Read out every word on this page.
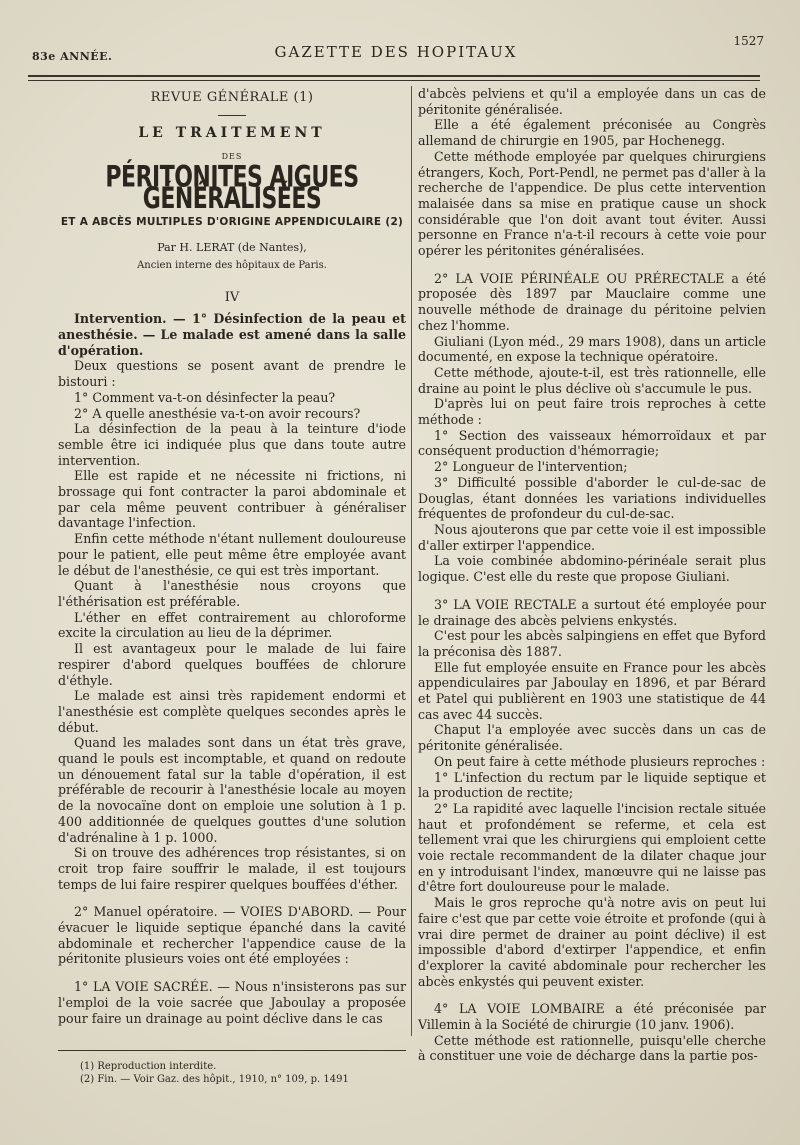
83e ANNÉE.	GAZETTE DES HOPITAUX
1527

REVUE GÉNÉRALE (1)

LE TRAITEMENT

DES

PÉRITONITES AIGUES GÉNÉRALISÉES

ET A ABCÈS MULTIPLES D'ORIGINE APPENDICULAIRE (2)

Par H. LERAT (de Nantes),

Ancien interne des hôpitaux de Paris.

IV

Intervention. — 1° Désinfection de la peau et anesthésie. — Le malade est amené dans la salle d'opération.

Deux questions se posent avant de prendre le bistouri :

1° Comment va-t-on désinfecter la peau?

2° A quelle anesthésie va-t-on avoir recours?

La désinfection de la peau à la teinture d'iode semble être ici indiquée plus que dans toute autre intervention.

Elle est rapide et ne nécessite ni frictions, ni brossage qui font contracter la paroi abdominale et par cela même peuvent contribuer à généraliser davantage l'infection.

Enfin cette méthode n'étant nullement douloureuse pour le patient, elle peut même être employée avant le début de l'anesthésie, ce qui est très important.

Quant à l'anesthésie nous croyons que l'éthérisation est préférable.

L'éther en effet contrairement au chloroforme excite la circulation au lieu de la déprimer.

Il est avantageux pour le malade de lui faire respirer d'abord quelques bouffées de chlorure d'éthyle.

Le malade est ainsi très rapidement endormi et l'anesthésie est complète quelques secondes après le début.

Quand les malades sont dans un état très grave, quand le pouls est incomptable, et quand on redoute un dénouement fatal sur la table d'opération, il est préférable de recourir à l'anesthésie locale au moyen de la novocaïne dont on emploie une solution à 1 p. 400 additionnée de quelques gouttes d'une solution d'adrénaline à 1 p. 1000.

Si on trouve des adhérences trop résistantes, si on croit trop faire souffrir le malade, il est toujours temps de lui faire respirer quelques bouffées d'éther.

2° Manuel opératoire. — VOIES D'ABORD. — Pour évacuer le liquide septique épanché dans la cavité abdominale et rechercher l'appendice cause de la péritonite plusieurs voies ont été employées :

1° LA VOIE SACRÉE. — Nous n'insisterons pas sur l'emploi de la voie sacrée que Jaboulay a proposée pour faire un drainage au point déclive dans le cas

d'abcès pelviens et qu'il a employée dans un cas de péritonite généralisée.

Elle a été également préconisée au Congrès allemand de chirurgie en 1905, par Hochenegg.

Cette méthode employée par quelques chirurgiens étrangers, Koch, Port-Pendl, ne permet pas d'aller à la recherche de l'appendice. De plus cette intervention malaisée dans sa mise en pratique cause un shock considérable que l'on doit avant tout éviter. Aussi personne en France n'a-t-il recours à cette voie pour opérer les péritonites généralisées.

2° LA VOIE PÉRINÉALE OU PRÉRECTALE a été proposée dès 1897 par Mauclaire comme une nouvelle méthode de drainage du péritoine pelvien chez l'homme.

Giuliani (Lyon méd., 29 mars 1908), dans un article documenté, en expose la technique opératoire.

Cette méthode, ajoute-t-il, est très rationnelle, elle draine au point le plus déclive où s'accumule le pus.

D'après lui on peut faire trois reproches à cette méthode :

1° Section des vaisseaux hémorroïdaux et par conséquent production d'hémorragie;

2° Longueur de l'intervention;

3° Difficulté possible d'aborder le cul-de-sac de Douglas, étant données les variations individuelles fréquentes de profondeur du cul-de-sac.

Nous ajouterons que par cette voie il est impossible d'aller extirper l'appendice.

La voie combinée abdomino-périnéale serait plus logique. C'est elle du reste que propose Giuliani.

3° LA VOIE RECTALE a surtout été employée pour le drainage des abcès pelviens enkystés.

C'est pour les abcès salpingiens en effet que Byford la préconisa dès 1887.

Elle fut employée ensuite en France pour les abcès appendiculaires par Jaboulay en 1896, et par Bérard et Patel qui publièrent en 1903 une statistique de 44 cas avec 44 succès.

Chaput l'a employée avec succès dans un cas de péritonite généralisée.

On peut faire à cette méthode plusieurs reproches :

1° L'infection du rectum par le liquide septique et la production de rectite;

2° La rapidité avec laquelle l'incision rectale située haut et profondément se referme, et cela est tellement vrai que les chirurgiens qui emploient cette voie rectale recommandent de la dilater chaque jour en y introduisant l'index, manœuvre qui ne laisse pas d'être fort douloureuse pour le malade.

Mais le gros reproche qu'à notre avis on peut lui faire c'est que par cette voie étroite et profonde (qui à vrai dire permet de drainer au point déclive) il est impossible d'abord d'extirper l'appendice, et enfin d'explorer la cavité abdominale pour rechercher les abcès enkystés qui peuvent exister.

4° LA VOIE LOMBAIRE a été préconisée par Villemin à la Société de chirurgie (10 janv. 1906).

Cette méthode est rationnelle, puisqu'elle cherche à constituer une voie de décharge dans la partie pos-

(1) Reproduction interdite.
(2) Fin. — Voir Gaz. des hôpit., 1910, n° 109, p. 1491
